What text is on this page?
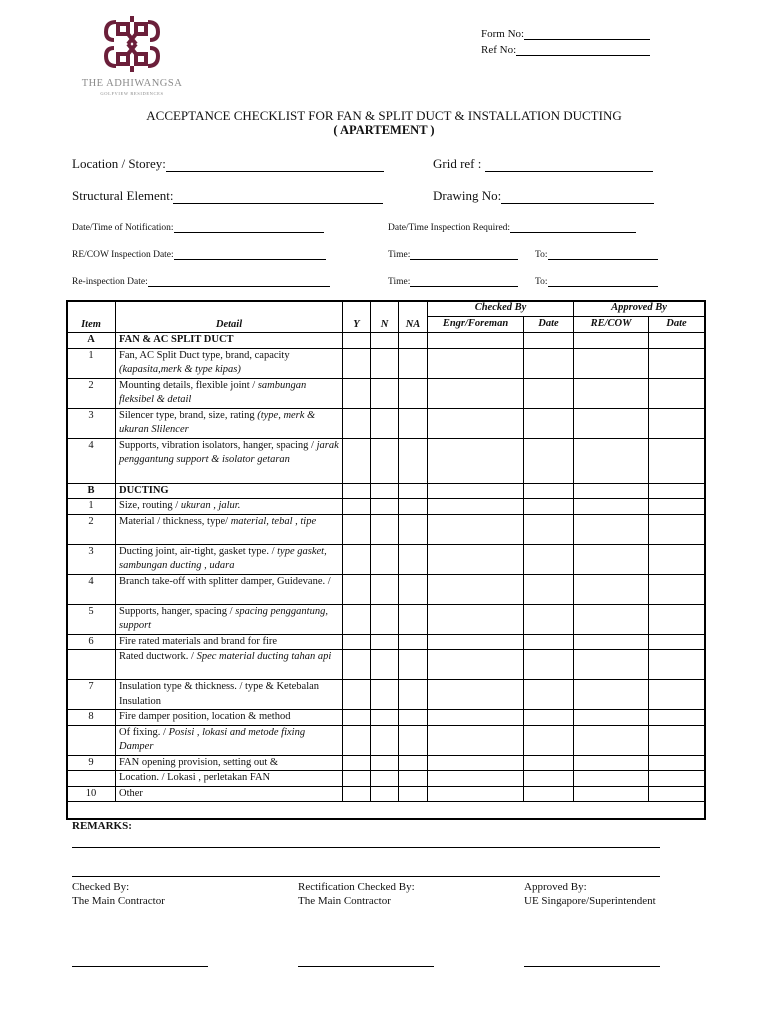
THE ADHIWANGSA
GOLFVIEW RESIDENCES
Form No:
Ref No:
ACCEPTANCE CHECKLIST FOR FAN & SPLIT DUCT & INSTALLATION DUCTING
( APARTEMENT )
Location / Storey:	Grid ref :
Structural Element:	Drawing No:
Date/Time of Notification:	Date/Time Inspection Required:
RE/COW Inspection Date:	Time:	To:
Re-inspection Date:	Time:	To:
Item	Detail	Y	N	NA	Checked By		Approved By	
					Engr/Foreman	Date	RE/COW	Date
A	FAN & AC SPLIT DUCT							
1	Fan, AC Split Duct type, brand, capacity (kapasita,merk & type kipas)							
2	Mounting details, flexible joint / sambungan fleksibel & detail							
3	Silencer type, brand, size, rating (type, merk & ukuran Slilencer							
4	Supports, vibration isolators, hanger, spacing / jarak penggantung support & isolator getaran							
B	DUCTING							
1	Size, routing / ukuran , jalur.							
2	Material / thickness, type/ material, tebal , tipe							
3	Ducting joint, air-tight, gasket type. / type gasket, sambungan ducting , udara							
4	Branch take-off with splitter damper, Guidevane. /							
5	Supports, hanger, spacing / spacing penggantung, support							
6	Fire rated materials and brand for fire							
	Rated ductwork. / Spec material ducting tahan api							
7	Insulation type & thickness. / type & Ketebalan Insulation							
8	Fire damper position, location & method							
	Of fixing. / Posisi , lokasi and metode fixing Damper							
9	FAN opening provision, setting out &							
	Location. / Lokasi , perletakan FAN							
10	Other							
REMARKS:
Checked By:
The Main Contractor
Rectification Checked By:
The Main Contractor
Approved By:
UE Singapore/Superintendent
